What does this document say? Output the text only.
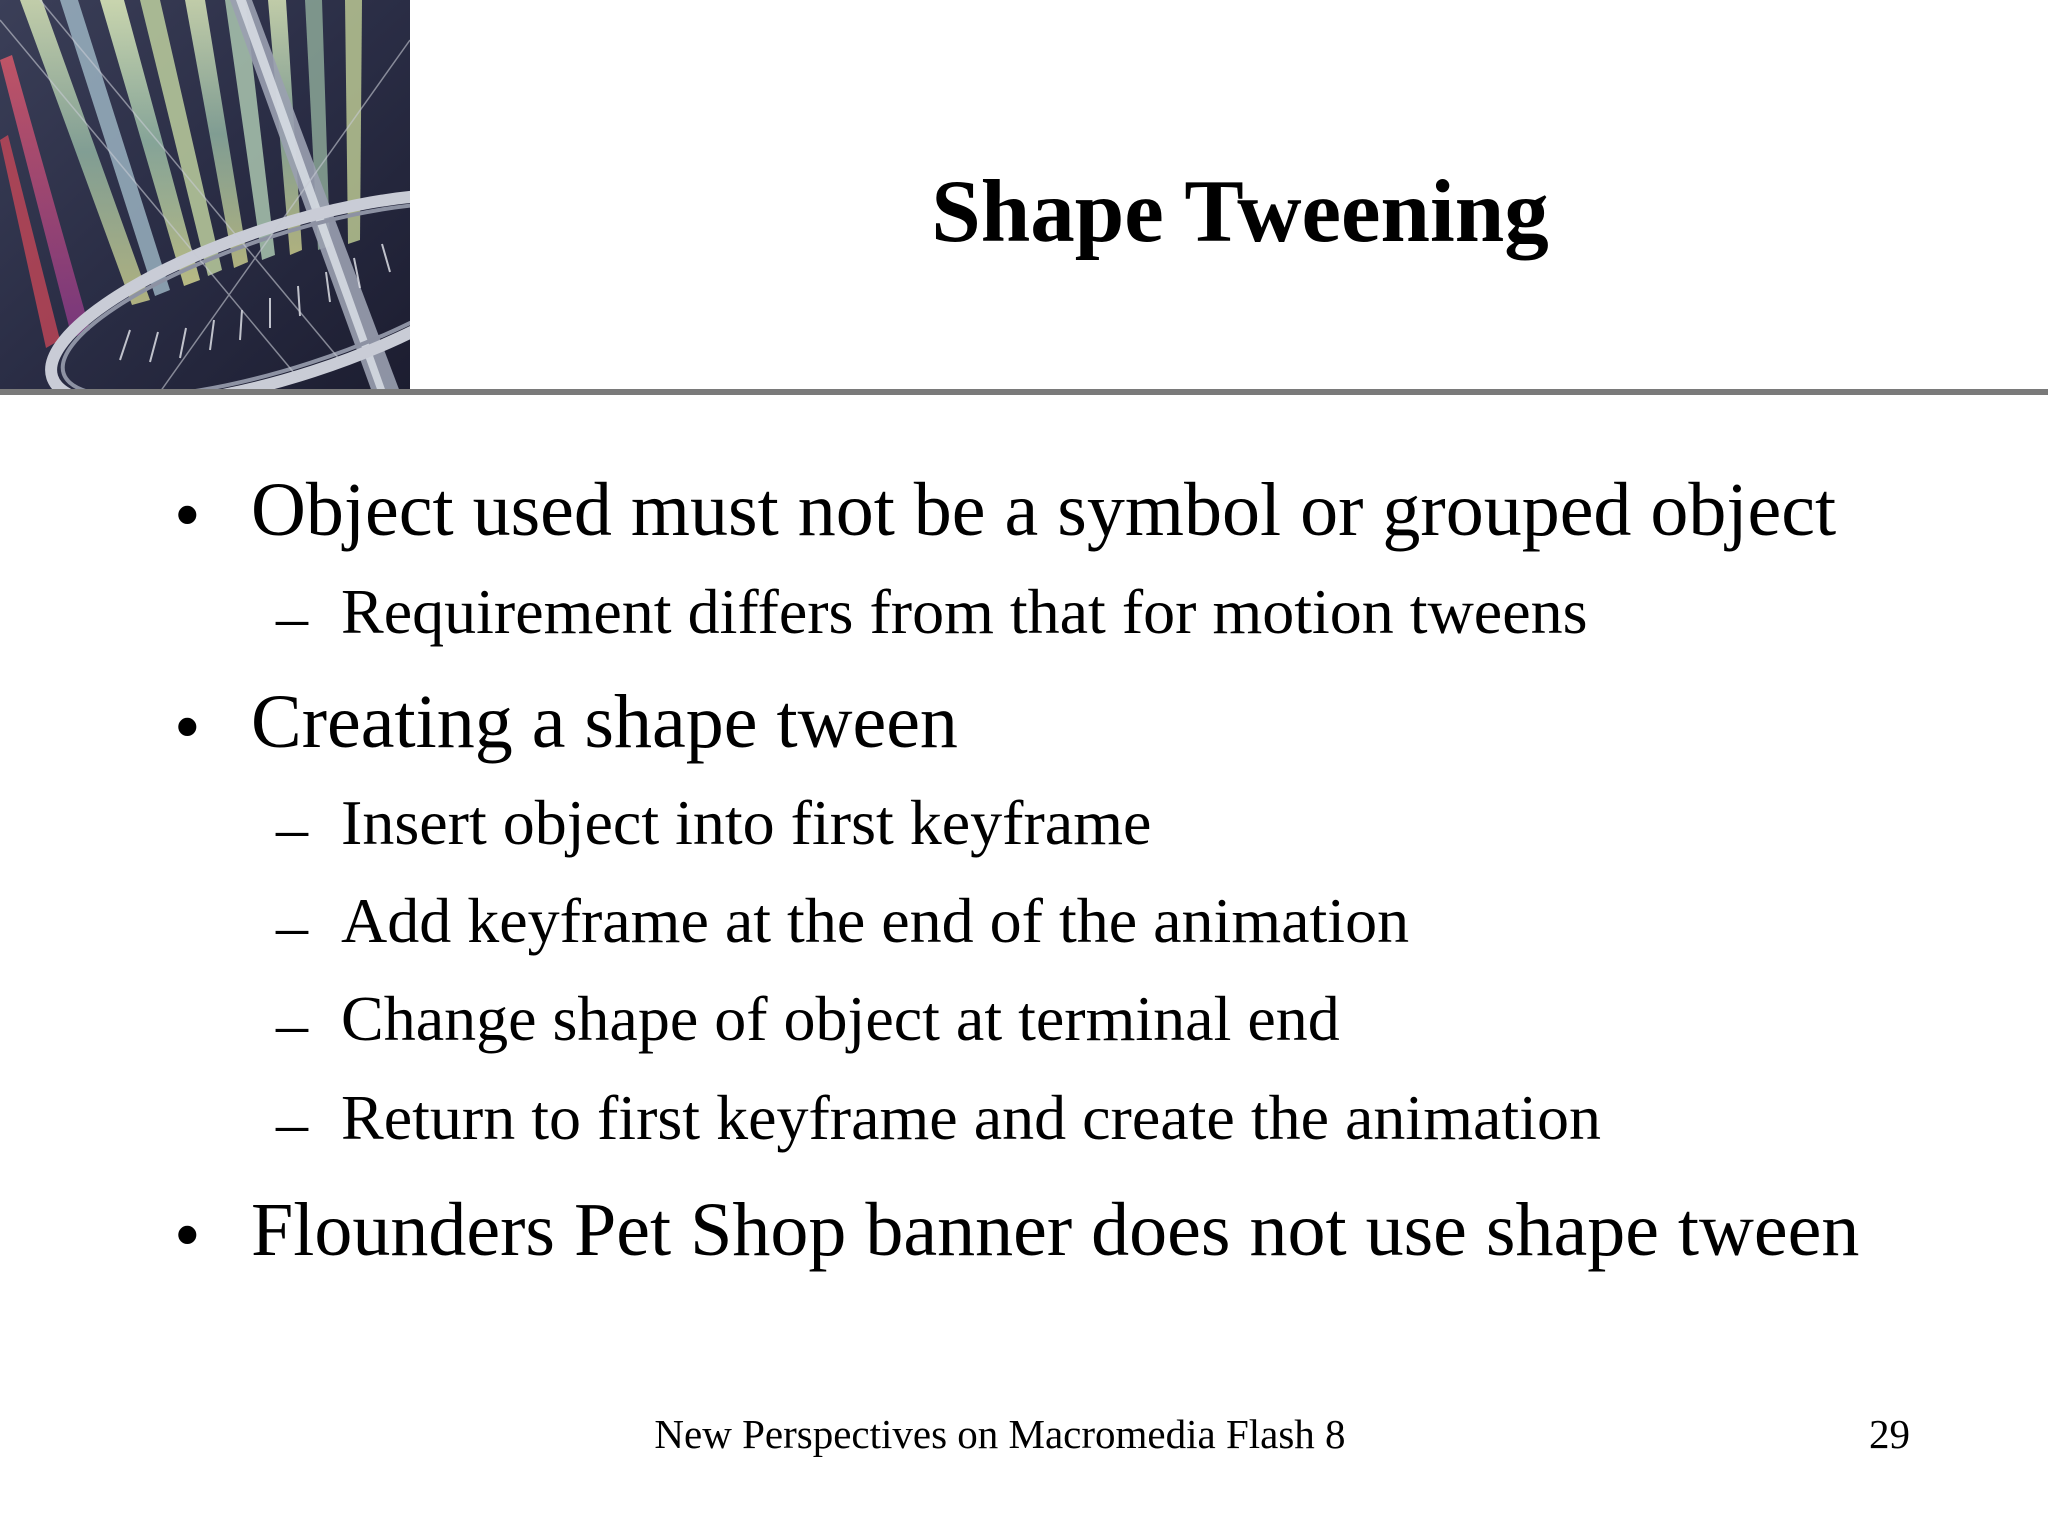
Shape Tweening
• Object used must not be a symbol or grouped object
– Requirement differs from that for motion tweens
• Creating a shape tween
– Insert object into first keyframe
– Add keyframe at the end of the animation
– Change shape of object at terminal end
– Return to first keyframe and create the animation
• Flounders Pet Shop banner does not use shape tween
New Perspectives on Macromedia Flash 8	29
